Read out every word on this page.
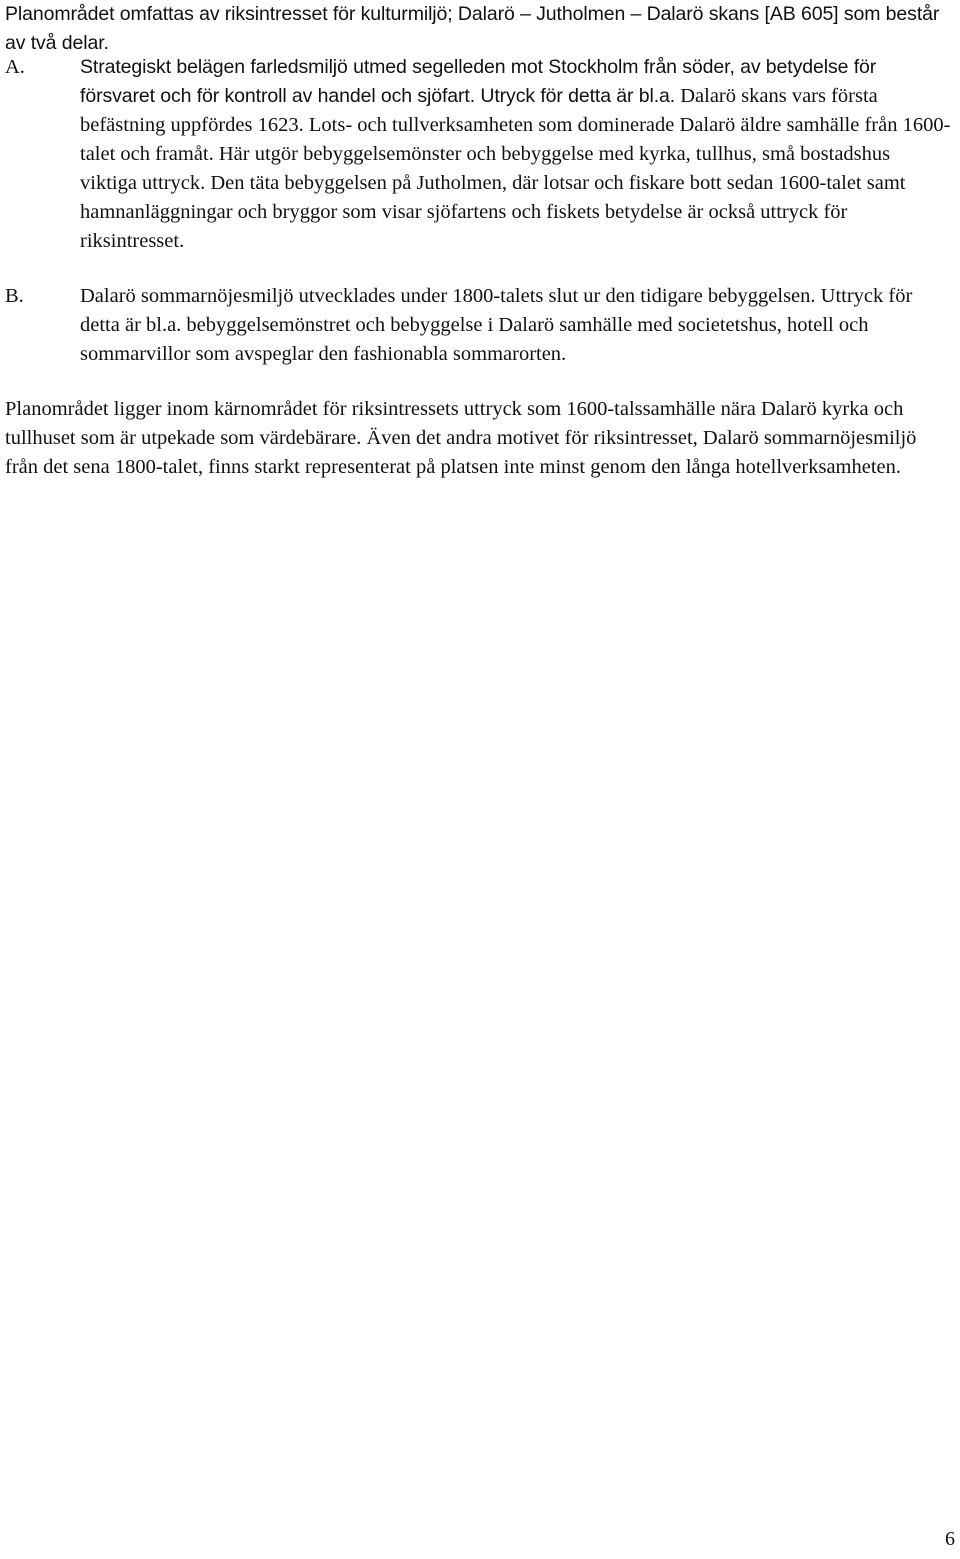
Planområdet omfattas av riksintresset för kulturmiljö; Dalarö – Jutholmen – Dalarö skans [AB 605] som består av två delar.

A.	Strategiskt belägen farledsmiljö utmed segelleden mot Stockholm från söder, av betydelse för försvaret och för kontroll av handel och sjöfart. Utryck för detta är bl.a. Dalarö skans vars första befästning uppfördes 1623. Lots- och tullverksamheten som dominerade Dalarö äldre samhälle från 1600-talet och framåt. Här utgör bebyggelsemönster och bebyggelse med kyrka, tullhus, små bostadshus viktiga uttryck. Den täta bebyggelsen på Jutholmen, där lotsar och fiskare bott sedan 1600-talet samt hamnanläggningar och bryggor som visar sjöfartens och fiskets betydelse är också uttryck för riksintresset.
B.	Dalarö sommarnöjesmiljö utvecklades under 1800-talets slut ur den tidigare bebyggelsen. Uttryck för detta är bl.a. bebyggelsemönstret och bebyggelse i Dalarö samhälle med societetshus, hotell och sommarvillor som avspeglar den fashionabla sommarorten.

Planområdet ligger inom kärnområdet för riksintressets uttryck som 1600-talssamhälle nära Dalarö kyrka och tullhuset som är utpekade som värdebärare. Även det andra motivet för riksintresset, Dalarö sommarnöjesmiljö från det sena 1800-talet, finns starkt representerat på platsen inte minst genom den långa hotellverksamheten.

6
